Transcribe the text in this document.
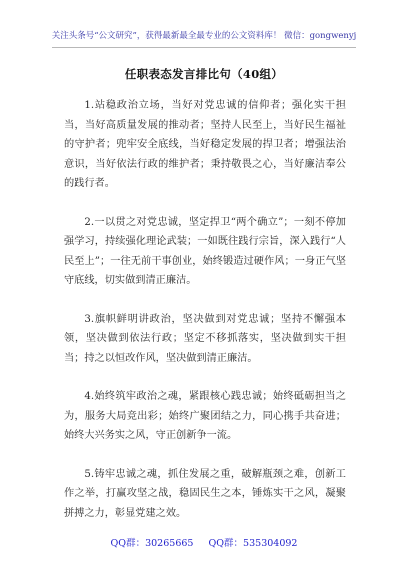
关注头条号“公文研究”，获得最新最全最专业的公文资料库！ 微信：gongwenyj
任职表态发言排比句（40组）

1.站稳政治立场，当好对党忠诚的信仰者；强化实干担当，当好高质量发展的推动者；坚持人民至上，当好民生福祉的守护者；兜牢安全底线，当好稳定发展的捍卫者；增强法治意识，当好依法行政的维护者；秉持敬畏之心，当好廉洁奉公的践行者。

2.一以贯之对党忠诚，坚定捍卫“两个确立”；一刻不停加强学习，持续强化理论武装；一如既往践行宗旨，深入践行“人民至上”；一往无前干事创业，始终锻造过硬作风；一身正气坚守底线，切实做到清正廉洁。

3.旗帜鲜明讲政治，坚决做到对党忠诚；坚持不懈强本领，坚决做到依法行政；坚定不移抓落实，坚决做到实干担当；持之以恒改作风，坚决做到清正廉洁。

4.始终筑牢政治之魂，紧跟核心践忠诚；始终砥砺担当之为，服务大局竞出彩；始终广聚团结之力，同心携手共奋进；始终大兴务实之风，守正创新争一流。

5.铸牢忠诚之魂，抓住发展之重，破解瓶颈之难，创新工作之举，打赢攻坚之战，稳固民生之本，锤炼实干之风，凝聚拼搏之力，彰显党建之效。

QQ群：30265665 QQ群：535304092
